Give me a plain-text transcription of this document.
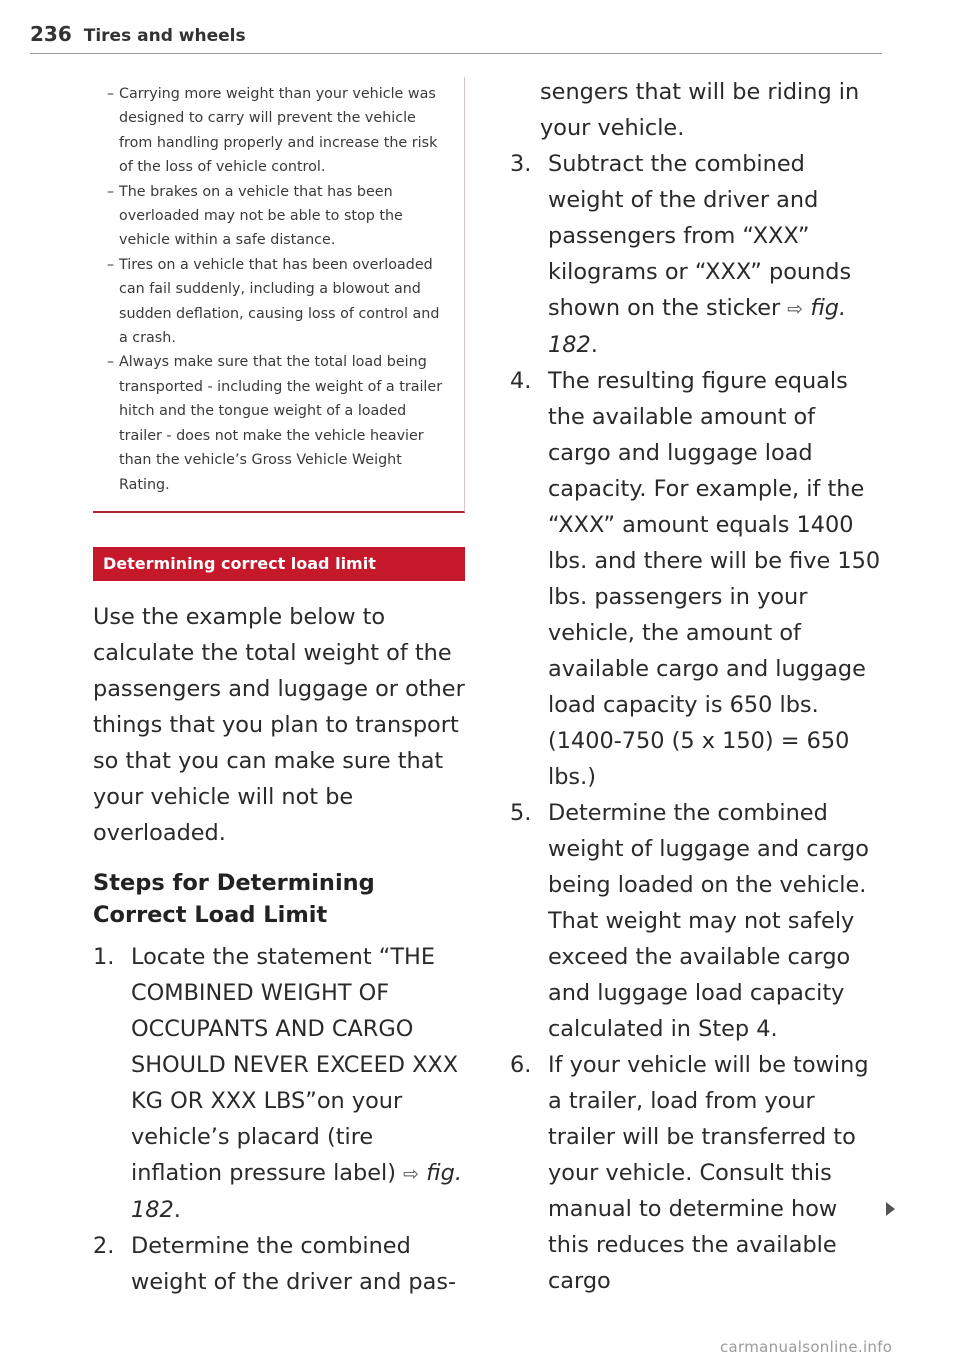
236 Tires and wheels
– Carrying more weight than your vehicle was designed to carry will prevent the vehicle from handling properly and increase the risk of the loss of vehicle control.
– The brakes on a vehicle that has been overloaded may not be able to stop the vehicle within a safe distance.
– Tires on a vehicle that has been overloaded can fail suddenly, including a blowout and sudden deflation, causing loss of control and a crash.
– Always make sure that the total load being transported - including the weight of a trailer hitch and the tongue weight of a loaded trailer - does not make the vehicle heavier than the vehicle’s Gross Vehicle Weight Rating.
Determining correct load limit
Use the example below to calculate the total weight of the passengers and luggage or other things that you plan to transport so that you can make sure that your vehicle will not be overloaded.
Steps for Determining Correct Load Limit
1. Locate the statement “THE COMBINED WEIGHT OF OCCUPANTS AND CARGO SHOULD NEVER EXCEED XXX KG OR XXX LBS”on your vehicle’s placard (tire inflation pressure label) ⇨ fig. 182.
2. Determine the combined weight of the driver and pas-
sengers that will be riding in your vehicle.
3. Subtract the combined weight of the driver and passengers from “XXX” kilograms or “XXX” pounds shown on the sticker ⇨ fig. 182.
4. The resulting figure equals the available amount of cargo and luggage load capacity. For example, if the “XXX” amount equals 1400 lbs. and there will be five 150 lbs. passengers in your vehicle, the amount of available cargo and luggage load capacity is 650 lbs. (1400-750 (5 x 150) = 650 lbs.)
5. Determine the combined weight of luggage and cargo being loaded on the vehicle. That weight may not safely exceed the available cargo and luggage load capacity calculated in Step 4.
6. If your vehicle will be towing a trailer, load from your trailer will be transferred to your vehicle. Consult this manual to determine how this reduces the available cargo
carmanualsonline.info
